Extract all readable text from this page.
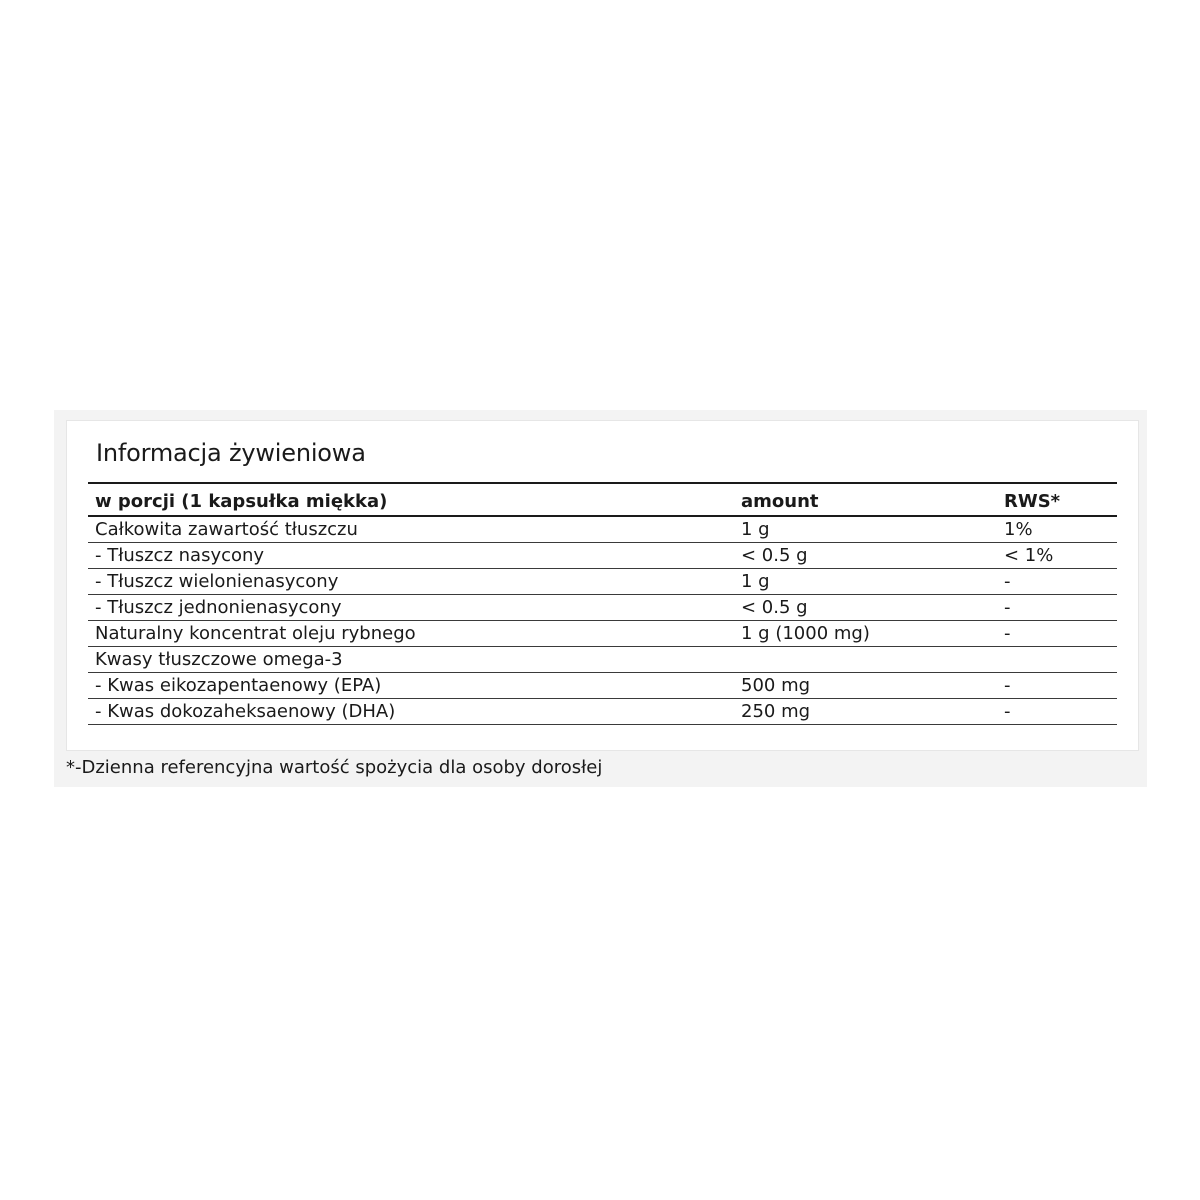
Informacja żywieniowa
w porcji (1 kapsułka miękka)	amount	RWS*
Całkowita zawartość tłuszczu	1 g	1%
- Tłuszcz nasycony	< 0.5 g	< 1%
- Tłuszcz wielonienasycony	1 g	-
- Tłuszcz jednonienasycony	< 0.5 g	-
Naturalny koncentrat oleju rybnego	1 g (1000 mg)	-
Kwasy tłuszczowe omega-3
- Kwas eikozapentaenowy (EPA)	500 mg	-
- Kwas dokozaheksaenowy (DHA)	250 mg	-
*-Dzienna referencyjna wartość spożycia dla osoby dorosłej
